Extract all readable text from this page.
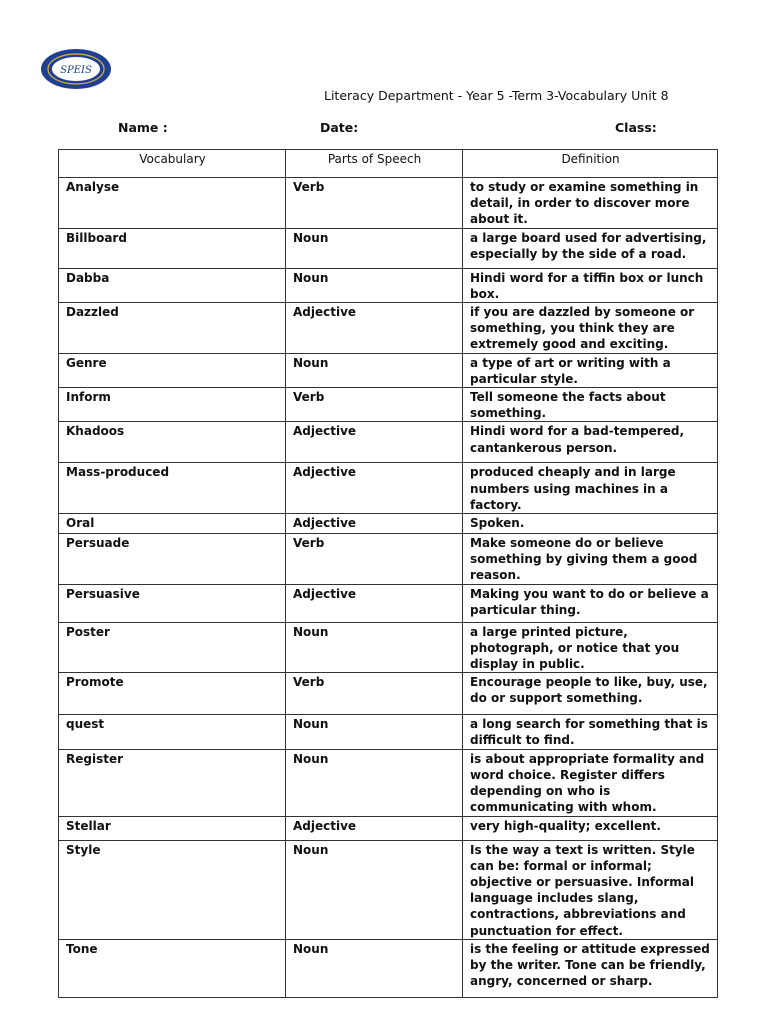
SPEIS
Literacy Department - Year 5 -Term 3-Vocabulary Unit 8
Name :	Date:	Class:
Vocabulary	Parts of Speech	Definition
Analyse	Verb	to study or examine something in detail, in order to discover more about it.
Billboard	Noun	a large board used for advertising, especially by the side of a road.
Dabba	Noun	Hindi word for a tiffin box or lunch box.
Dazzled	Adjective	if you are dazzled by someone or something, you think they are extremely good and exciting.
Genre	Noun	a type of art or writing with a particular style.
Inform	Verb	Tell someone the facts about something.
Khadoos	Adjective	Hindi word for a bad-tempered, cantankerous person.
Mass-produced	Adjective	produced cheaply and in large numbers using machines in a factory.
Oral	Adjective	Spoken.
Persuade	Verb	Make someone do or believe something by giving them a good reason.
Persuasive	Adjective	Making you want to do or believe a particular thing.
Poster	Noun	a large printed picture, photograph, or notice that you display in public.
Promote	Verb	Encourage people to like, buy, use, do or support something.
quest	Noun	a long search for something that is difficult to find.
Register	Noun	is about appropriate formality and word choice. Register differs depending on who is communicating with whom.
Stellar	Adjective	very high-quality; excellent.
Style	Noun	Is the way a text is written. Style can be: formal or informal; objective or persuasive. Informal language includes slang, contractions, abbreviations and punctuation for effect.
Tone	Noun	is the feeling or attitude expressed by the writer. Tone can be friendly, angry, concerned or sharp.
